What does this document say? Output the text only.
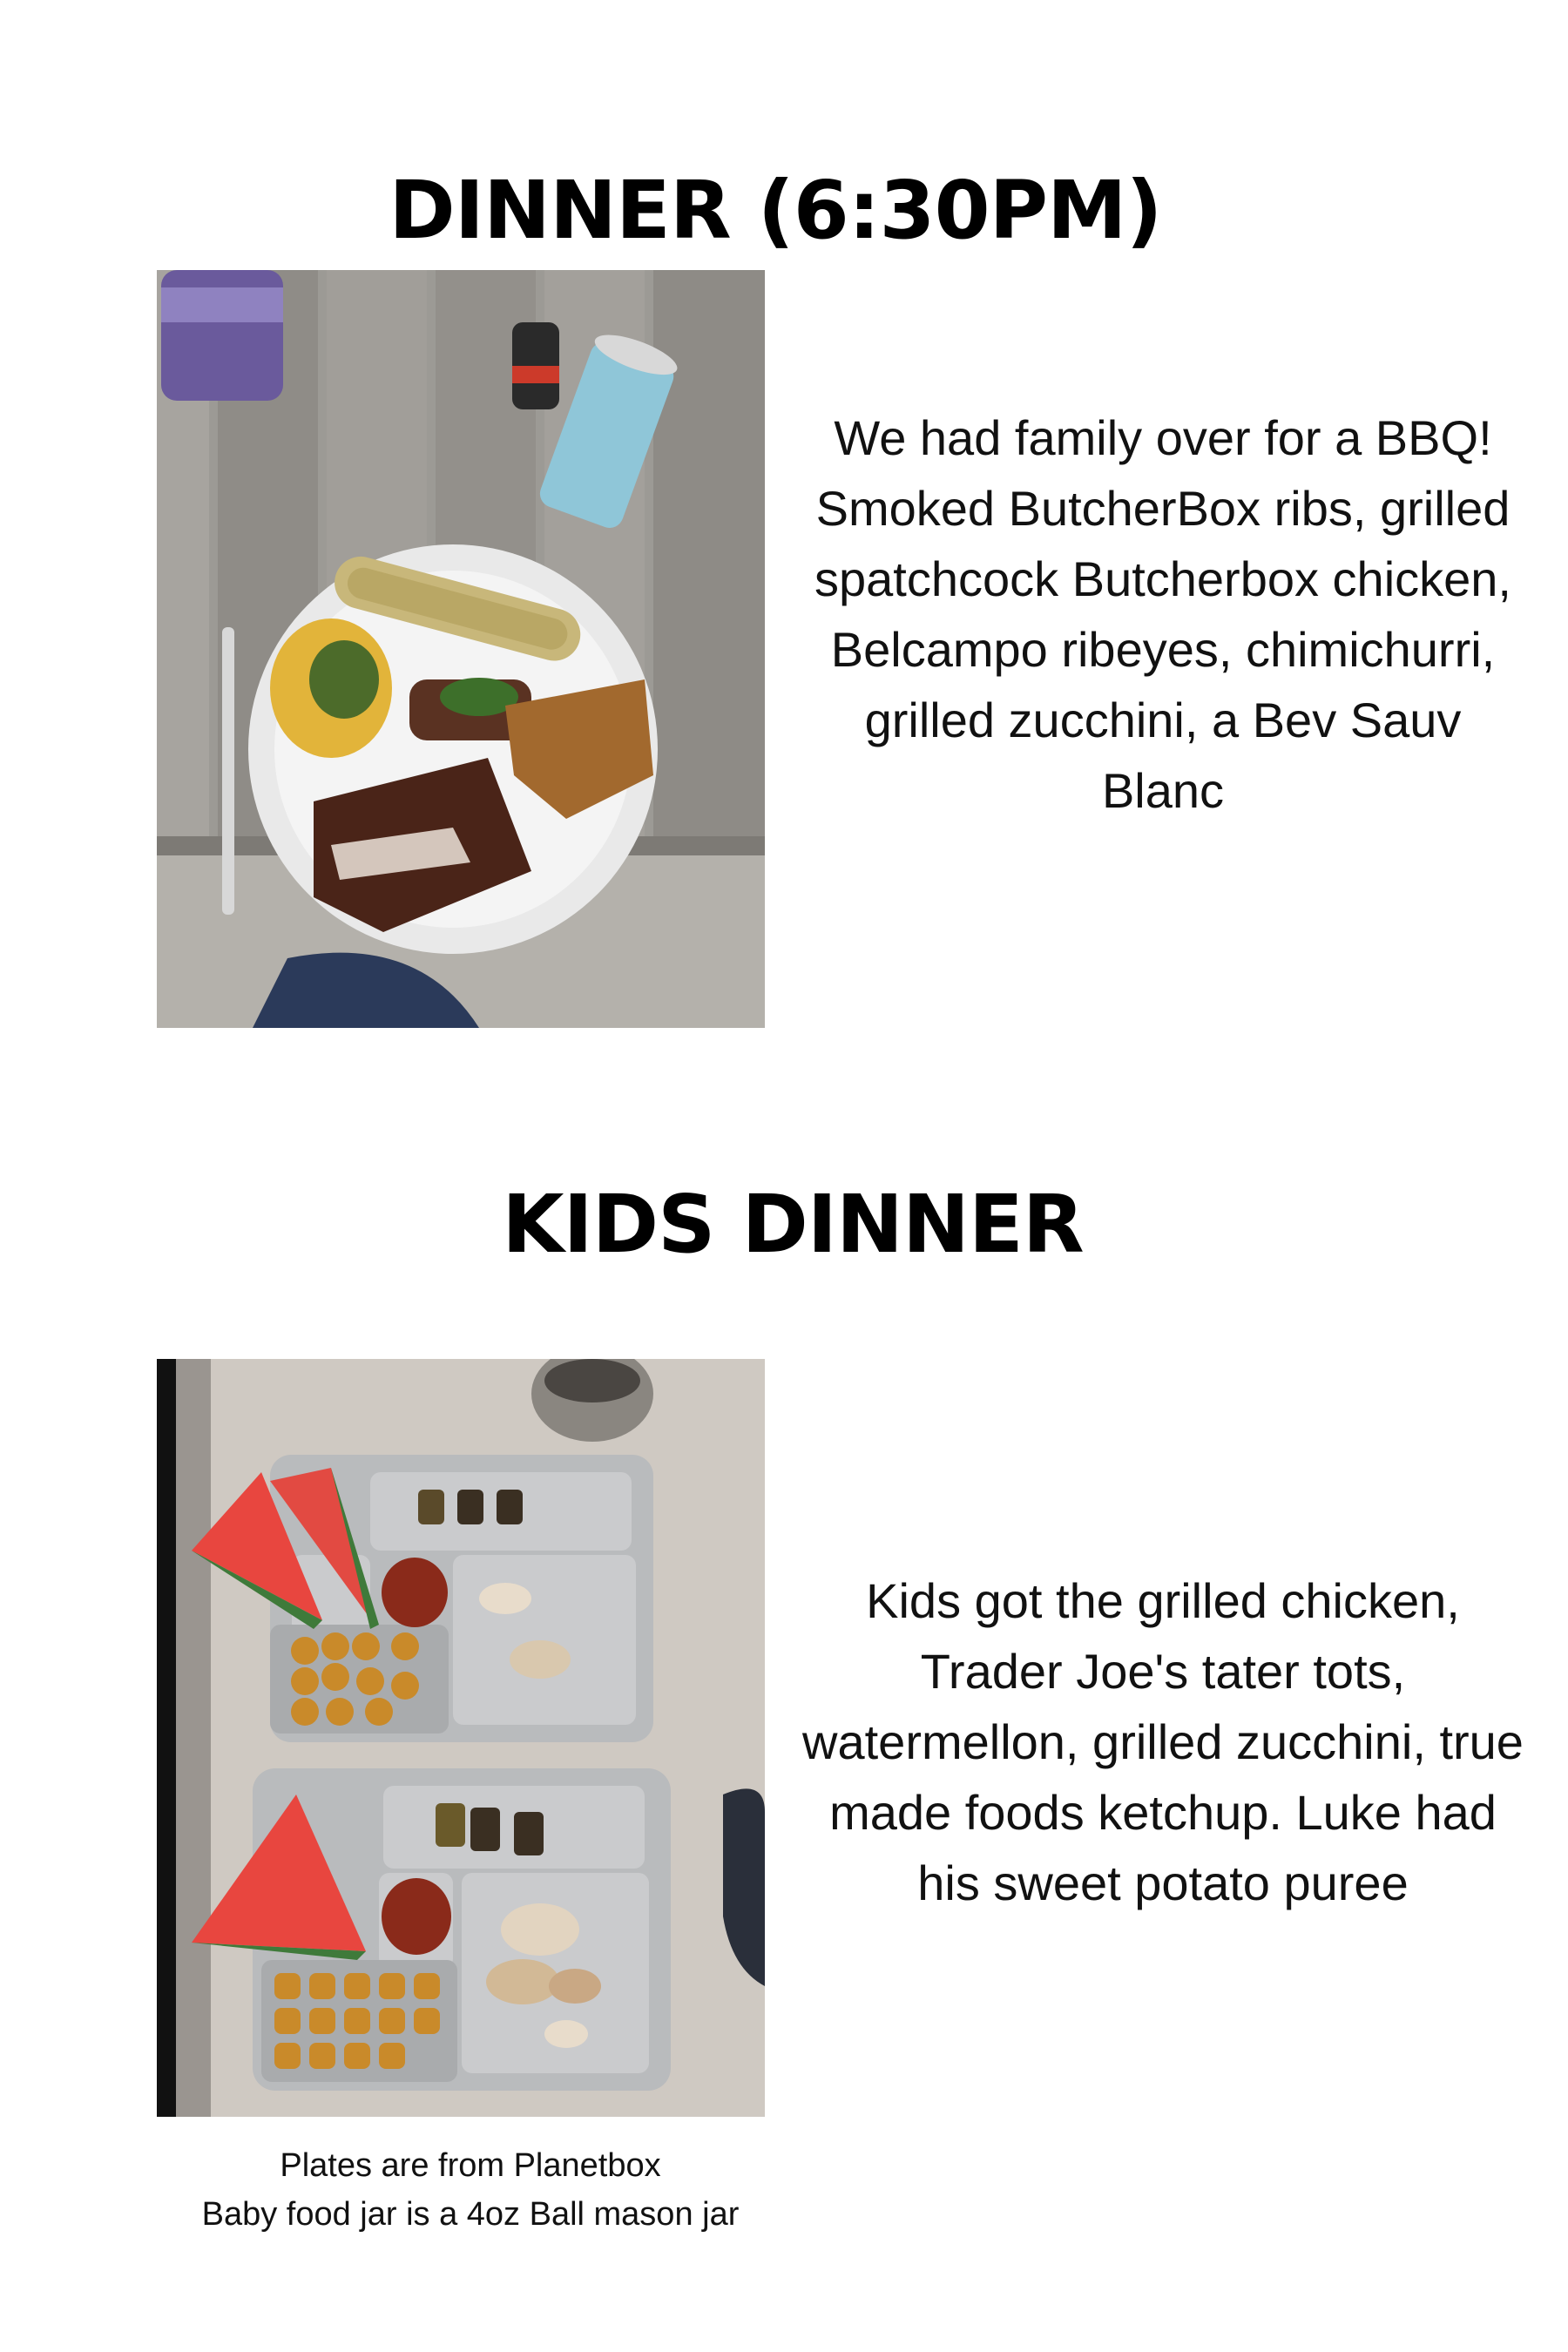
DINNER (6:30PM)

We had family over for a BBQ! Smoked ButcherBox ribs, grilled spatchcock Butcherbox chicken, Belcampo ribeyes, chimichurri, grilled zucchini, a Bev Sauv Blanc

KIDS DINNER

Kids got the grilled chicken, Trader Joe's tater tots, watermellon, grilled zucchini, true made foods ketchup. Luke had his sweet potato puree

Plates are from Planetbox

Baby food jar is a 4oz Ball mason jar
